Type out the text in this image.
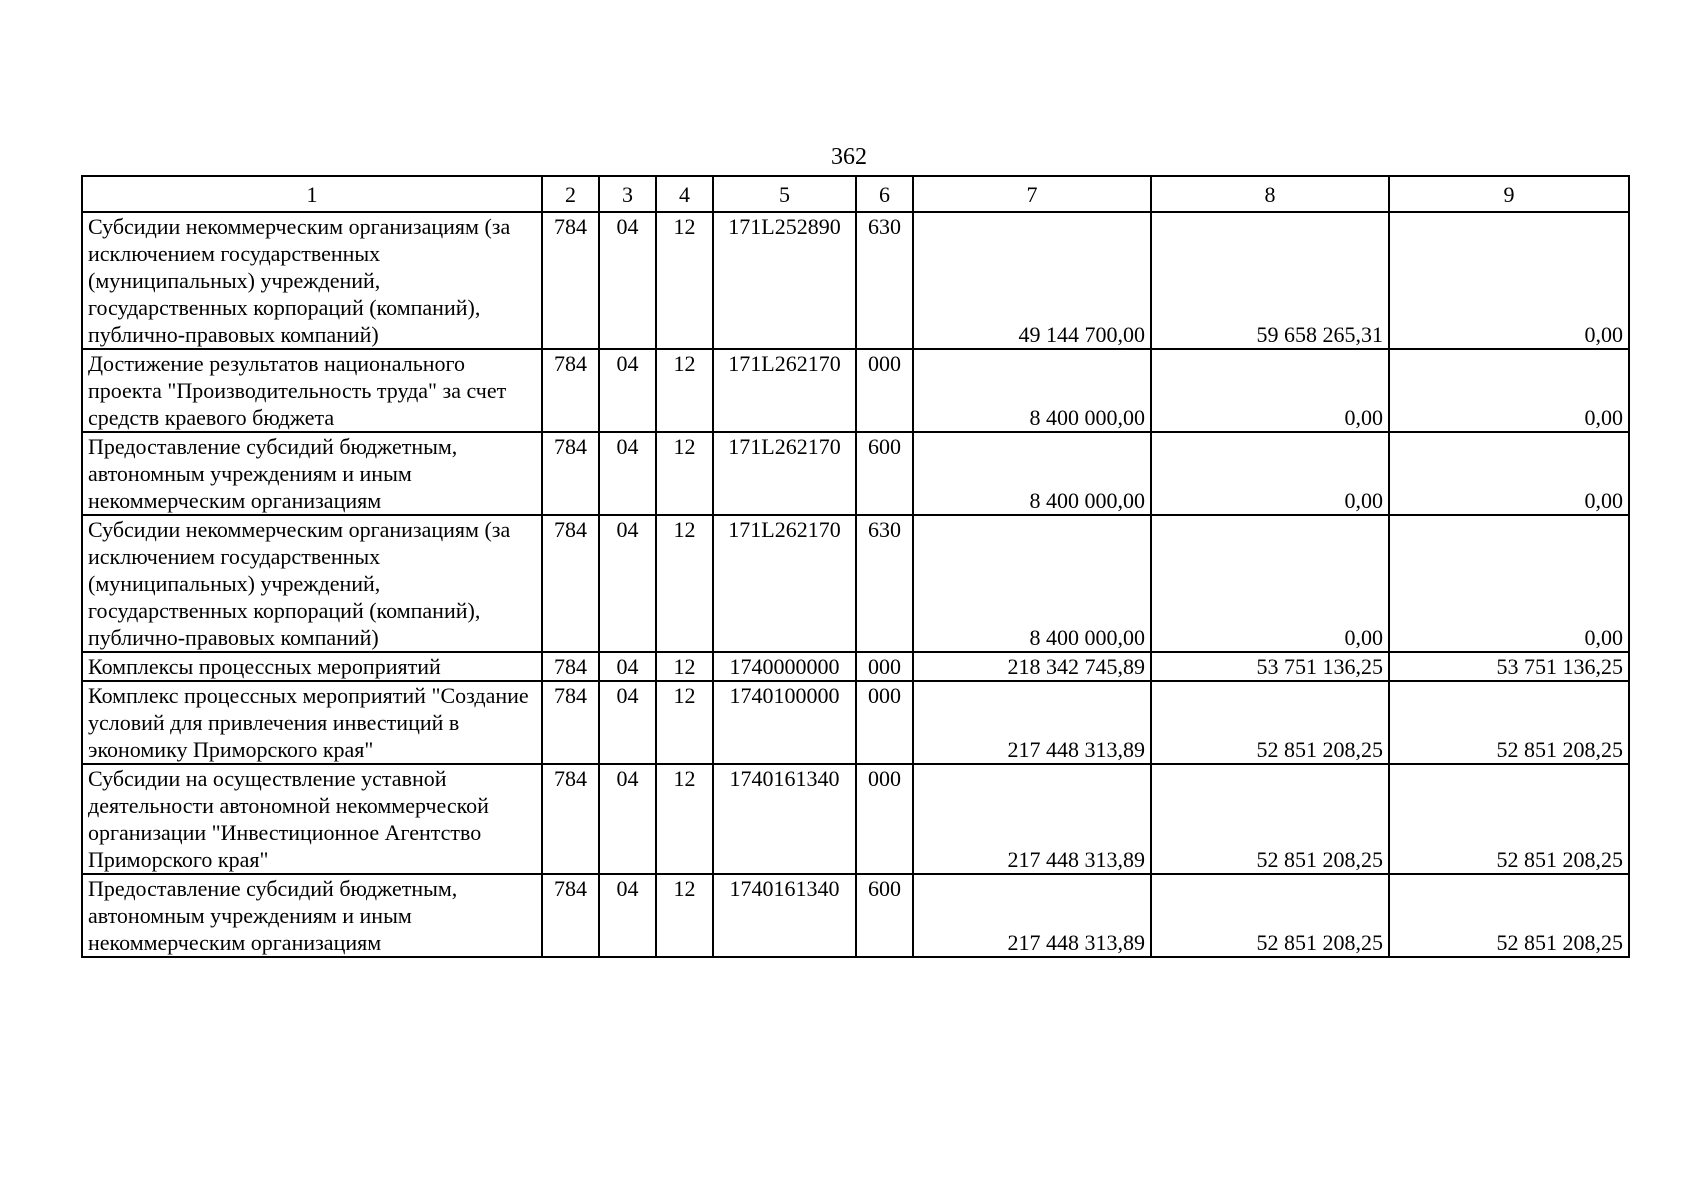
362
1	2	3	4	5	6	7	8	9
Субсидии некоммерческим организациям (за исключением государственных (муниципальных) учреждений, государственных корпораций (компаний), публично-правовых компаний)	784	04	12	171L252890	630	49 144 700,00	59 658 265,31	0,00
Достижение результатов национального проекта "Производительность труда" за счет средств краевого бюджета	784	04	12	171L262170	000	8 400 000,00	0,00	0,00
Предоставление субсидий бюджетным, автономным учреждениям и иным некоммерческим организациям	784	04	12	171L262170	600	8 400 000,00	0,00	0,00
Субсидии некоммерческим организациям (за исключением государственных (муниципальных) учреждений, государственных корпораций (компаний), публично-правовых компаний)	784	04	12	171L262170	630	8 400 000,00	0,00	0,00
Комплексы процессных мероприятий	784	04	12	1740000000	000	218 342 745,89	53 751 136,25	53 751 136,25
Комплекс процессных мероприятий "Создание условий для привлечения инвестиций в экономику Приморского края"	784	04	12	1740100000	000	217 448 313,89	52 851 208,25	52 851 208,25
Субсидии на осуществление уставной деятельности автономной некоммерческой организации "Инвестиционное Агентство Приморского края"	784	04	12	1740161340	000	217 448 313,89	52 851 208,25	52 851 208,25
Предоставление субсидий бюджетным, автономным учреждениям и иным некоммерческим организациям	784	04	12	1740161340	600	217 448 313,89	52 851 208,25	52 851 208,25
